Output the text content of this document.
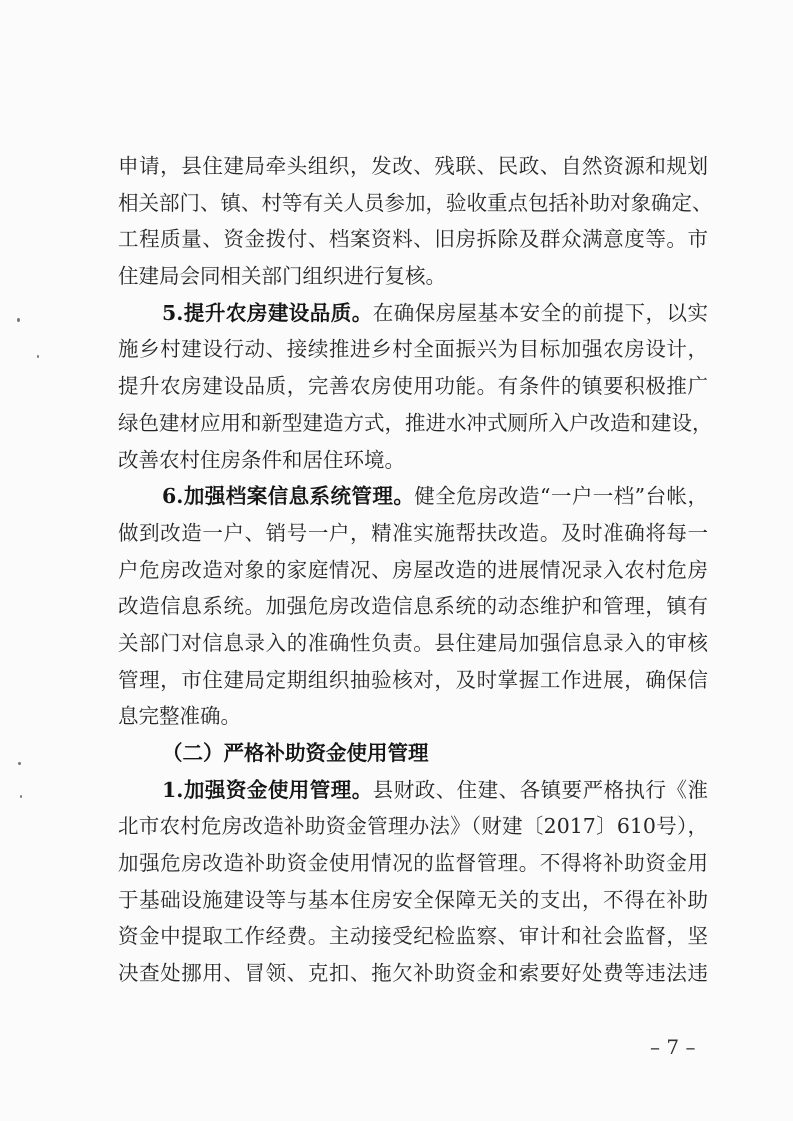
申请，县住建局牵头组织，发改、残联、民政、自然资源和规划
相关部门、镇、村等有关人员参加，验收重点包括补助对象确定、
工程质量、资金拨付、档案资料、旧房拆除及群众满意度等。市
住建局会同相关部门组织进行复核。
5.提升农房建设品质。在确保房屋基本安全的前提下，以实
施乡村建设行动、接续推进乡村全面振兴为目标加强农房设计，
提升农房建设品质，完善农房使用功能。有条件的镇要积极推广
绿色建材应用和新型建造方式，推进水冲式厕所入户改造和建设，
改善农村住房条件和居住环境。
6.加强档案信息系统管理。健全危房改造“一户一档”台帐，
做到改造一户、销号一户，精准实施帮扶改造。及时准确将每一
户危房改造对象的家庭情况、房屋改造的进展情况录入农村危房
改造信息系统。加强危房改造信息系统的动态维护和管理，镇有
关部门对信息录入的准确性负责。县住建局加强信息录入的审核
管理，市住建局定期组织抽验核对，及时掌握工作进展，确保信
息完整准确。
（二）严格补助资金使用管理
1.加强资金使用管理。县财政、住建、各镇要严格执行《淮
北市农村危房改造补助资金管理办法》（财建〔2017〕610号），
加强危房改造补助资金使用情况的监督管理。不得将补助资金用
于基础设施建设等与基本住房安全保障无关的支出，不得在补助
资金中提取工作经费。主动接受纪检监察、审计和社会监督，坚
决查处挪用、冒领、克扣、拖欠补助资金和索要好处费等违法违
– 7 –
